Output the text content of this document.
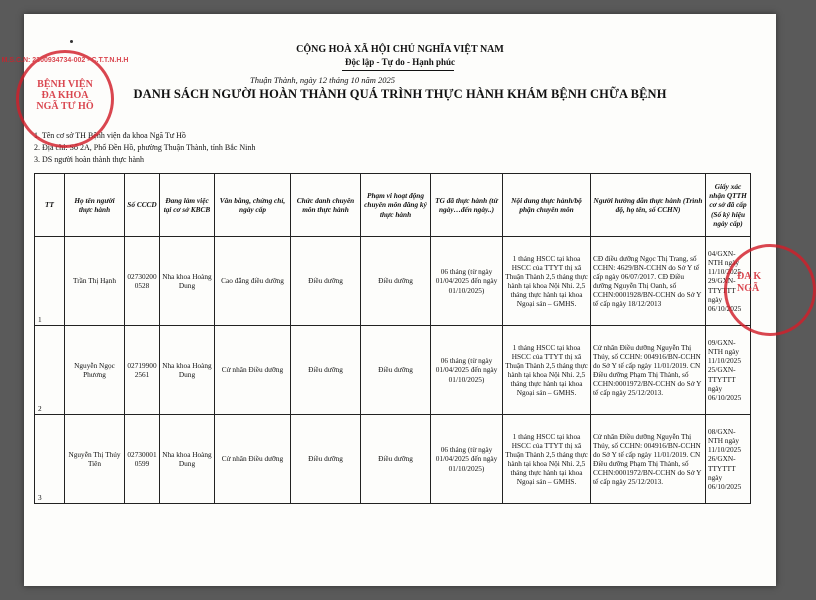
CỘNG HOÀ XÃ HỘI CHỦ NGHĨA VIỆT NAM
Độc lập - Tự do - Hạnh phúc
Thuận Thành, ngày 12 tháng 10 năm 2025
DANH SÁCH NGƯỜI HOÀN THÀNH QUÁ TRÌNH THỰC HÀNH KHÁM BỆNH CHỮA BỆNH
1. Tên cơ sở TH Bệnh viện đa khoa Ngã Tư Hồ
2. Địa chỉ: Số 2A, Phố Đền Hồ, phường Thuận Thành, tỉnh Bắc Ninh
3. DS người hoàn thành thực hành
TT	Họ tên người thực hành	Số CCCD	Đang làm việc tại cơ sở KBCB	Văn bằng, chứng chỉ, ngày cấp	Chức danh chuyên môn thực hành	Phạm vi hoạt động chuyên môn đăng ký thực hành	TG đã thực hành (từ ngày…đến ngày..)	Nội dung thực hành/bộ phận chuyên môn	Người hướng dẫn thực hành (Trình độ, họ tên, số CCHN)	Giấy xác nhận QTTH cơ sở đã cấp (Số ký hiệu ngày cấp)
1	Trần Thị Hạnh	027302000528	Nha khoa Hoàng Dung	Cao đẳng điều dưỡng	Điều dưỡng	Điều dưỡng	06 tháng (từ ngày 01/04/2025 đến ngày 01/10/2025)	1 tháng HSCC tại khoa HSCC của TTYT thị xã Thuận Thành 2,5 tháng thực hành tại khoa Nội Nhi. 2,5 tháng thực hành tại khoa Ngoại sản – GMHS.	CĐ điều dưỡng Ngọc Thị Trang, số CCHN: 4629/BN-CCHN do Sở Y tế cấp ngày 06/07/2017. CĐ Điều dưỡng Nguyễn Thị Oanh, số CCHN:0001928/BN-CCHN do Sở Y tế cấp ngày 18/12/2013	04/GXN-NTH ngày 11/10/2025 29/GXN-TTYTTT ngày 06/10/2025
2	Nguyễn Ngọc Phương	027199002561	Nha khoa Hoàng Dung	Cử nhân Điều dưỡng	Điều dưỡng	Điều dưỡng	06 tháng (từ ngày 01/04/2025 đến ngày 01/10/2025)	1 tháng HSCC tại khoa HSCC của TTYT thị xã Thuận Thành 2,5 tháng thực hành tại khoa Nội Nhi. 2,5 tháng thực hành tại khoa Ngoại sản – GMHS.	Cử nhân Điều dưỡng Nguyễn Thị Thúy, số CCHN: 004916/BN-CCHN do Sở Y tế cấp ngày 11/01/2019. CN Điều dưỡng Phạm Thị Thành, số CCHN:0001972/BN-CCHN do Sở Y tế cấp ngày 25/12/2013.	09/GXN-NTH ngày 11/10/2025 25/GXN-TTYTTT ngày 06/10/2025
3	Nguyễn Thị Thúy Tiên	027300010599	Nha khoa Hoàng Dung	Cử nhân Điều dưỡng	Điều dưỡng	Điều dưỡng	06 tháng (từ ngày 01/04/2025 đến ngày 01/10/2025)	1 tháng HSCC tại khoa HSCC của TTYT thị xã Thuận Thành 2,5 tháng thực hành tại khoa Nội Nhi. 2,5 tháng thực hành tại khoa Ngoại sản – GMHS.	Cử nhân Điều dưỡng Nguyễn Thị Thúy, số CCHN: 004916/BN-CCHN do Sở Y tế cấp ngày 11/01/2019. CN Điều dưỡng Phạm Thị Thành, số CCHN:0001972/BN-CCHN do Sở Y tế cấp ngày 25/12/2013.	08/GXN-NTH ngày 11/10/2025 26/GXN-TTYTTT ngày 06/10/2025
M.S.C.N: 2300934734-002 - C.T.T.N.H.H
BỆNH VIỆN
ĐA KHOA
NGÃ TƯ HỒ
ĐA K
NGÃ
